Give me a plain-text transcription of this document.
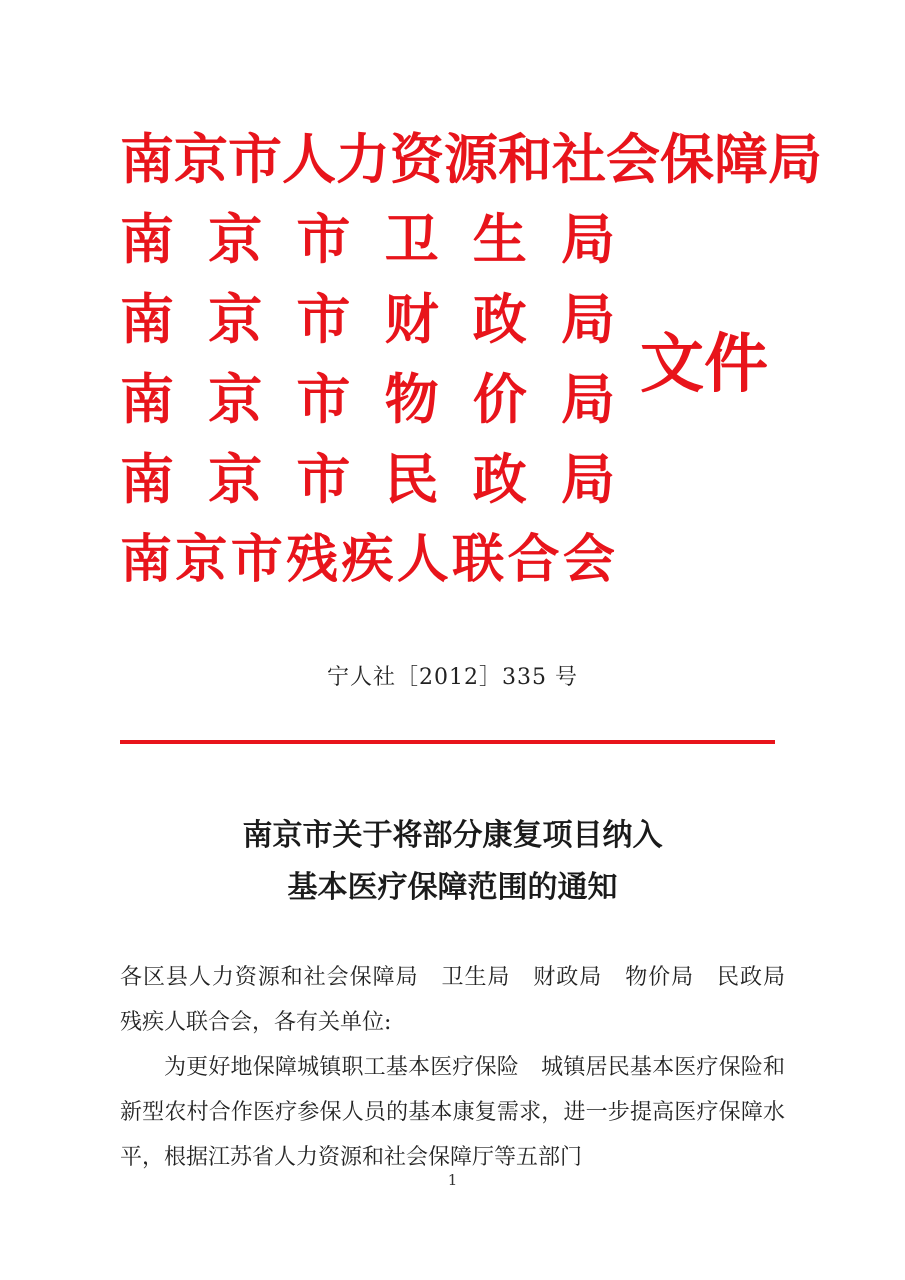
南京市人力资源和社会保障局
南 京 市 卫 生 局
南 京 市 财 政 局
南 京 市 物 价 局
南 京 市 民 政 局
南 京 市 残 疾 人 联 合 会
文件
宁人社［2012］335 号
南京市关于将部分康复项目纳入
基本医疗保障范围的通知

各区县人力资源和社会保障局　卫生局　财政局　物价局　民政局　残疾人联合会，各有关单位:

为更好地保障城镇职工基本医疗保险　城镇居民基本医疗保险和新型农村合作医疗参保人员的基本康复需求，进一步提高医疗保障水平，根据江苏省人力资源和社会保障厅等五部门

1
